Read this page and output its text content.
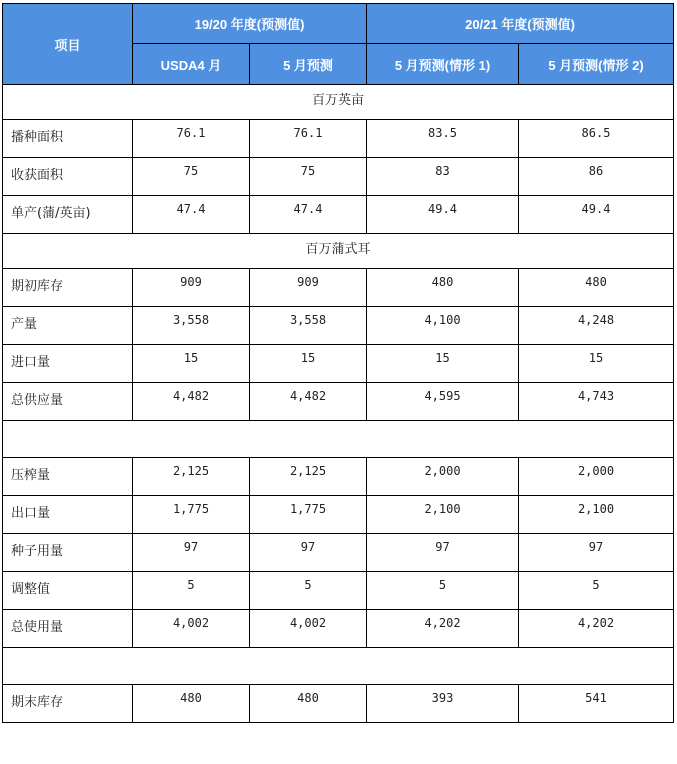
项目	19/20 年度(预测值)		20/21 年度(预测值)	
	USDA4 月	5 月预测	5 月预测(情形 1)	5 月预测(情形 2)
百万英亩				
播种面积	76.1	76.1	83.5	86.5
收获面积	75	75	83	86
单产(蒲/英亩)	47.4	47.4	49.4	49.4
百万蒲式耳				
期初库存	909	909	480	480
产量	3,558	3,558	4,100	4,248
进口量	15	15	15	15
总供应量	4,482	4,482	4,595	4,743

压榨量	2,125	2,125	2,000	2,000
出口量	1,775	1,775	2,100	2,100
种子用量	97	97	97	97
调整值	5	5	5	5
总使用量	4,002	4,002	4,202	4,202

期末库存	480	480	393	541
